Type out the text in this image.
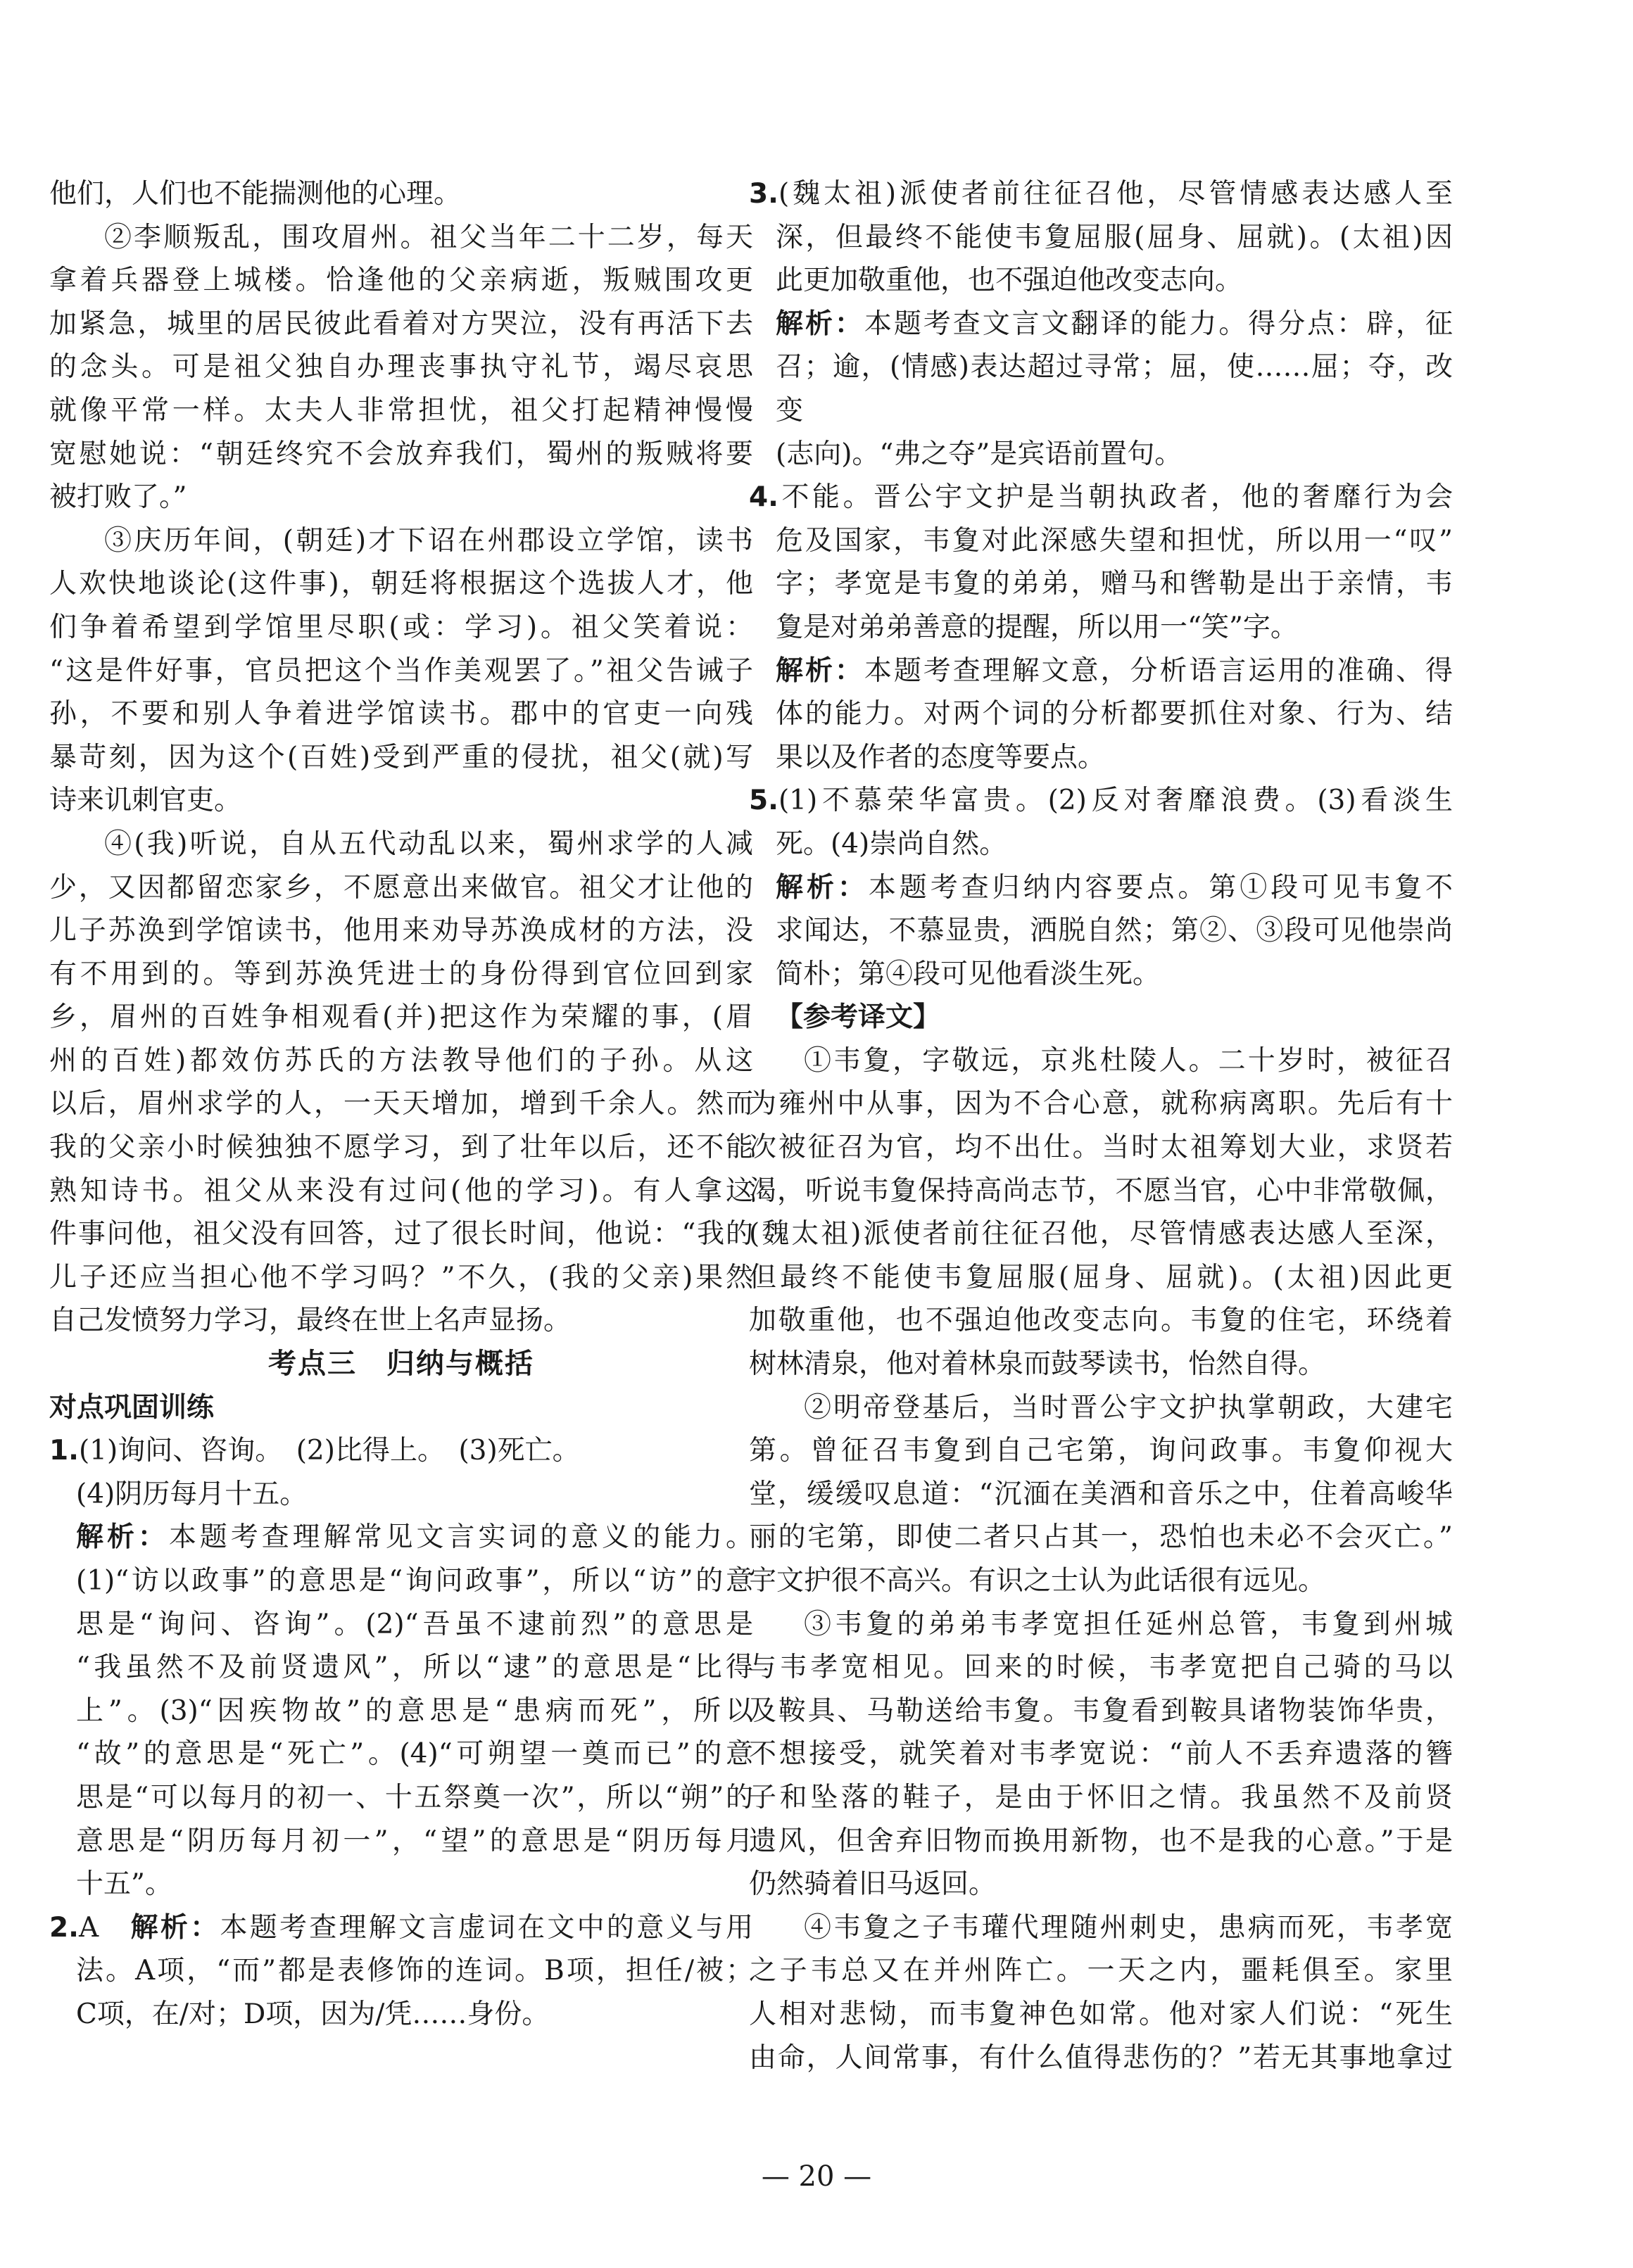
他们，人们也不能揣测他的心理。
②李顺叛乱，围攻眉州。祖父当年二十二岁，每天
拿着兵器登上城楼。恰逢他的父亲病逝，叛贼围攻更
加紧急，城里的居民彼此看着对方哭泣，没有再活下去
的念头。可是祖父独自办理丧事执守礼节，竭尽哀思
就像平常一样。太夫人非常担忧，祖父打起精神慢慢
宽慰她说：“朝廷终究不会放弃我们，蜀州的叛贼将要
被打败了。”
③庆历年间，(朝廷)才下诏在州郡设立学馆，读书
人欢快地谈论(这件事)，朝廷将根据这个选拔人才，他
们争着希望到学馆里尽职(或：学习)。祖父笑着说：
“这是件好事，官员把这个当作美观罢了。”祖父告诫子
孙，不要和别人争着进学馆读书。郡中的官吏一向残
暴苛刻，因为这个(百姓)受到严重的侵扰，祖父(就)写
诗来讥刺官吏。
④(我)听说，自从五代动乱以来，蜀州求学的人减
少，又因都留恋家乡，不愿意出来做官。祖父才让他的
儿子苏涣到学馆读书，他用来劝导苏涣成材的方法，没
有不用到的。等到苏涣凭进士的身份得到官位回到家
乡，眉州的百姓争相观看(并)把这作为荣耀的事，(眉
州的百姓)都效仿苏氏的方法教导他们的子孙。从这
以后，眉州求学的人，一天天增加，增到千余人。然而
我的父亲小时候独独不愿学习，到了壮年以后，还不能
熟知诗书。祖父从来没有过问(他的学习)。有人拿这
件事问他，祖父没有回答，过了很长时间，他说：“我的
儿子还应当担心他不学习吗？”不久，(我的父亲)果然
自己发愤努力学习，最终在世上名声显扬。
考点三　归纳与概括
对点巩固训练
1.(1)询问、咨询。　(2)比得上。　(3)死亡。
(4)阴历每月十五。
解析：本题考查理解常见文言实词的意义的能力。
(1)“访以政事”的意思是“询问政事”，所以“访”的意
思是“询问、咨询”。(2)“吾虽不逮前烈”的意思是
“我虽然不及前贤遗风”，所以“逮”的意思是“比得
上”。(3)“因疾物故”的意思是“患病而死”，所以
“故”的意思是“死亡”。(4)“可朔望一奠而已”的意
思是“可以每月的初一、十五祭奠一次”，所以“朔”的
意思是“阴历每月初一”，“望”的意思是“阴历每月
十五”。
2.A　解析：本题考查理解文言虚词在文中的意义与用
法。A项，“而”都是表修饰的连词。B项，担任/被；
C项，在/对；D项，因为/凭……身份。
3.(魏太祖)派使者前往征召他，尽管情感表达感人至
深，但最终不能使韦夐屈服(屈身、屈就)。(太祖)因
此更加敬重他，也不强迫他改变志向。
解析：本题考查文言文翻译的能力。得分点：辟，征
召；逾，(情感)表达超过寻常；屈，使……屈；夺，改变
(志向)。“弗之夺”是宾语前置句。
4.不能。晋公宇文护是当朝执政者，他的奢靡行为会
危及国家，韦夐对此深感失望和担忧，所以用一“叹”
字；孝宽是韦夐的弟弟，赠马和辔勒是出于亲情，韦
夐是对弟弟善意的提醒，所以用一“笑”字。
解析：本题考查理解文意，分析语言运用的准确、得
体的能力。对两个词的分析都要抓住对象、行为、结
果以及作者的态度等要点。
5.(1)不慕荣华富贵。(2)反对奢靡浪费。(3)看淡生
死。(4)崇尚自然。
解析：本题考查归纳内容要点。第①段可见韦夐不
求闻达，不慕显贵，洒脱自然；第②、③段可见他崇尚
简朴；第④段可见他看淡生死。
【参考译文】
①韦夐，字敬远，京兆杜陵人。二十岁时，被征召
为雍州中从事，因为不合心意，就称病离职。先后有十
次被征召为官，均不出仕。当时太祖筹划大业，求贤若
渴，听说韦夐保持高尚志节，不愿当官，心中非常敬佩，
(魏太祖)派使者前往征召他，尽管情感表达感人至深，
但最终不能使韦夐屈服(屈身、屈就)。(太祖)因此更
加敬重他，也不强迫他改变志向。韦夐的住宅，环绕着
树林清泉，他对着林泉而鼓琴读书，怡然自得。
②明帝登基后，当时晋公宇文护执掌朝政，大建宅
第。曾征召韦夐到自己宅第，询问政事。韦夐仰视大
堂，缓缓叹息道：“沉湎在美酒和音乐之中，住着高峻华
丽的宅第，即使二者只占其一，恐怕也未必不会灭亡。”
宇文护很不高兴。有识之士认为此话很有远见。
③韦夐的弟弟韦孝宽担任延州总管，韦夐到州城
与韦孝宽相见。回来的时候，韦孝宽把自己骑的马以
及鞍具、马勒送给韦夐。韦夐看到鞍具诸物装饰华贵，
不想接受，就笑着对韦孝宽说：“前人不丢弃遗落的簪
子和坠落的鞋子，是由于怀旧之情。我虽然不及前贤
遗风，但舍弃旧物而换用新物，也不是我的心意。”于是
仍然骑着旧马返回。
④韦夐之子韦瓘代理随州刺史，患病而死，韦孝宽
之子韦总又在并州阵亡。一天之内，噩耗俱至。家里
人相对悲恸，而韦夐神色如常。他对家人们说：“死生
由命，人间常事，有什么值得悲伤的？”若无其事地拿过
— 20 —
